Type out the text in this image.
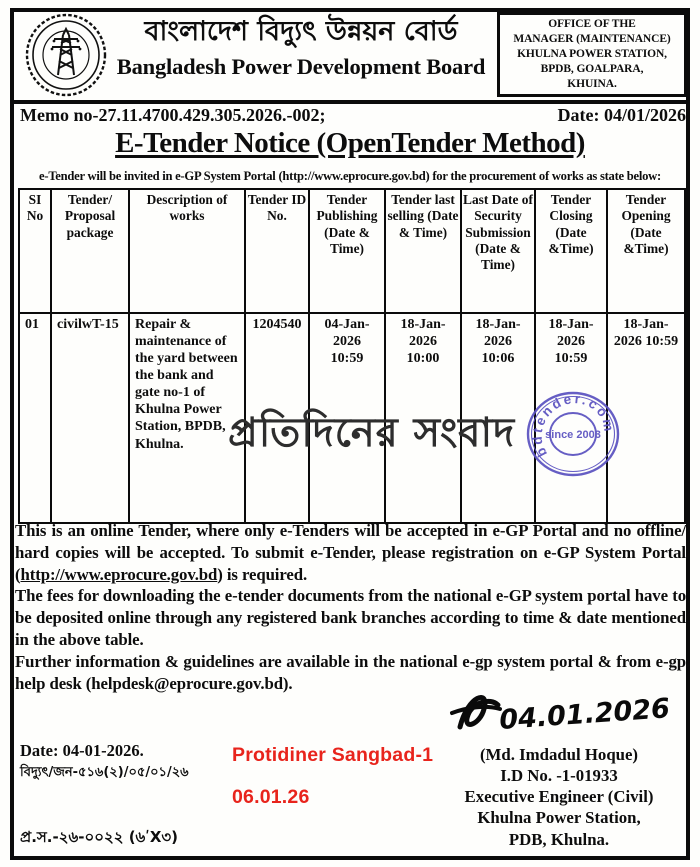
বাংলাদেশ বিদ্যুৎ উন্নয়ন বোর্ড
Bangladesh Power Development Board
OFFICE OF THE
MANAGER (MAINTENANCE)
KHULNA POWER STATION,
BPDB, GOALPARA,
KHUINA.
Memo no-27.11.4700.429.305.2026.-002;	Date: 04/01/2026
E-Tender Notice (OpenTender Method)
e-Tender will be invited in e-GP System Portal (http://www.eprocure.gov.bd) for the procurement of works as state below:
SI No	Tender/ Proposal package	Description of works	Tender ID No.	Tender Publishing (Date & Time)	Tender last selling (Date & Time)	Last Date of Security Submission (Date & Time)	Tender Closing (Date &Time)	Tender Opening (Date &Time)
01	civilwT-15	Repair & maintenance of the yard between the bank and gate no-1 of Khulna Power Station, BPDB, Khulna.	1204540	04-Jan-2026 10:59	18-Jan-2026 10:00	18-Jan-2026 10:06	18-Jan-2026 10:59	18-Jan-2026 10:59
প্রতিদিনের সবাদ	bdtender.com
since 2003

This is an online Tender, where only e-Tenders will be accepted in e-GP Portal and no offline/ hard copies will be accepted. To submit e-Tender, please registration on e-GP System Portal (http://www.eprocure.gov.bd) is required.

The fees for downloading the e-tender documents from the national e-GP system portal have to be deposited online through any registered bank branches according to time & date mentioned in the above table.

Further information & guidelines are available in the national e-gp system portal & from e-gp help desk (helpdesk@eprocure.gov.bd).

04.01.2026
(Md. Imdadul Hoque)
I.D No. -1-01933
Executive Engineer (Civil)
Khulna Power Station,
PDB, Khulna.
Date: 04-01-2026.
বিদ্যুৎ/জন-৫১৬(২)/০৫/০১/২৬
প্র.স.-২৬-০০২২ (৬ʹX৩)
Protidiner Sangbad-1
06.01.26
